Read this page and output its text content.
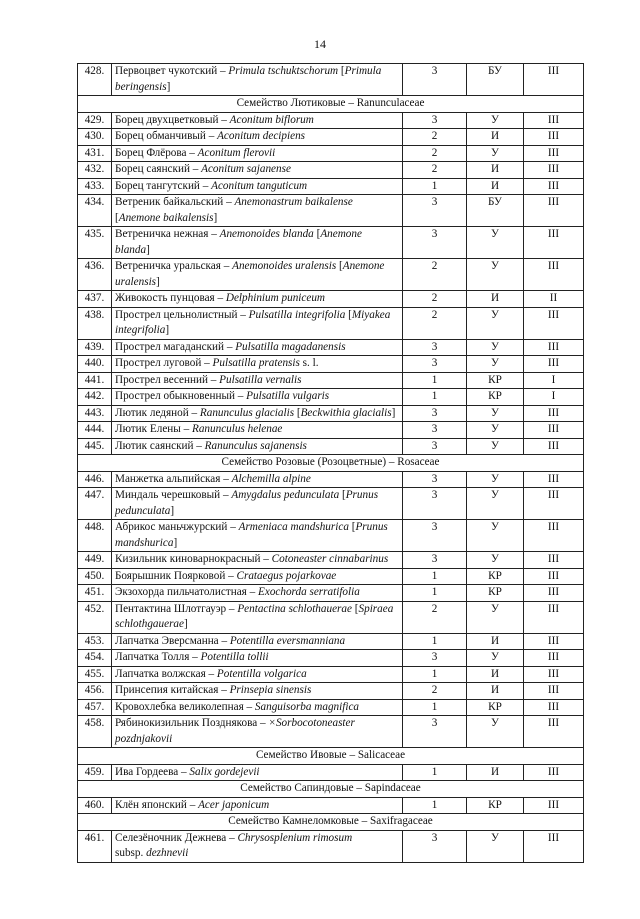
14
428.	Первоцвет чукотский – Primula tschuktschorum [Primula beringensis]	3	БУ	III
Семейство Лютиковые – Ranunculaceae				
429.	Борец двухцветковый – Aconitum biflorum	3	У	III
430.	Борец обманчивый – Aconitum decipiens	2	И	III
431.	Борец Флёрова – Aconitum flerovii	2	У	III
432.	Борец саянский – Aconitum sajanense	2	И	III
433.	Борец тангутский – Aconitum tanguticum	1	И	III
434.	Ветреник байкальский – Anemonastrum baikalense [Anemone baikalensis]	3	БУ	III
435.	Ветреничка нежная – Anemonoides blanda [Anemone blanda]	3	У	III
436.	Ветреничка уральская – Anemonoides uralensis [Anemone uralensis]	2	У	III
437.	Живокость пунцовая – Delphinium puniceum	2	И	II
438.	Прострел цельнолистный – Pulsatilla integrifolia [Miyakea integrifolia]	2	У	III
439.	Прострел магаданский – Pulsatilla magadanensis	3	У	III
440.	Прострел луговой – Pulsatilla pratensis s. l.	3	У	III
441.	Прострел весенний – Pulsatilla vernalis	1	КР	I
442.	Прострел обыкновенный – Pulsatilla vulgaris	1	КР	I
443.	Лютик ледяной – Ranunculus glacialis [Beckwithia glacialis]	3	У	III
444.	Лютик Елены – Ranunculus helenae	3	У	III
445.	Лютик саянский – Ranunculus sajanensis	3	У	III
Семейство Розовые (Розоцветные) – Rosaceae				
446.	Манжетка альпийская – Alchemilla alpine	3	У	III
447.	Миндаль черешковый – Amygdalus pedunculata [Prunus pedunculata]	3	У	III
448.	Абрикос маньчжурский – Armeniaca mandshurica [Prunus mandshurica]	3	У	III
449.	Кизильник киноварнокрасный – Cotoneaster cinnabarinus	3	У	III
450.	Боярышник Поярковой – Crataegus pojarkovae	1	КР	III
451.	Экзохорда пильчатолистная – Exochorda serratifolia	1	КР	III
452.	Пентактина Шлотгауэр – Pentactina schlothauerae [Spiraea schlothgauerae]	2	У	III
453.	Лапчатка Эверсманна – Potentilla eversmanniana	1	И	III
454.	Лапчатка Толля – Potentilla tollii	3	У	III
455.	Лапчатка волжская – Potentilla volgarica	1	И	III
456.	Принсепия китайская – Prinsepia sinensis	2	И	III
457.	Кровохлебка великолепная – Sanguisorba magnifica	1	КР	III
458.	Рябинокизильник Позднякова – ×Sorbocotoneaster pozdnjakovii	3	У	III
Семейство Ивовые – Salicaceae				
459.	Ива Гордеева – Salix gordejevii	1	И	III
Семейство Сапиндовые – Sapindaceae				
460.	Клён японский – Acer japonicum	1	КР	III
Семейство Камнеломковые – Saxifragaceae				
461.	Селезёночник Дежнева – Chrysosplenium rimosum
subsp. dezhnevii	3	У	III
